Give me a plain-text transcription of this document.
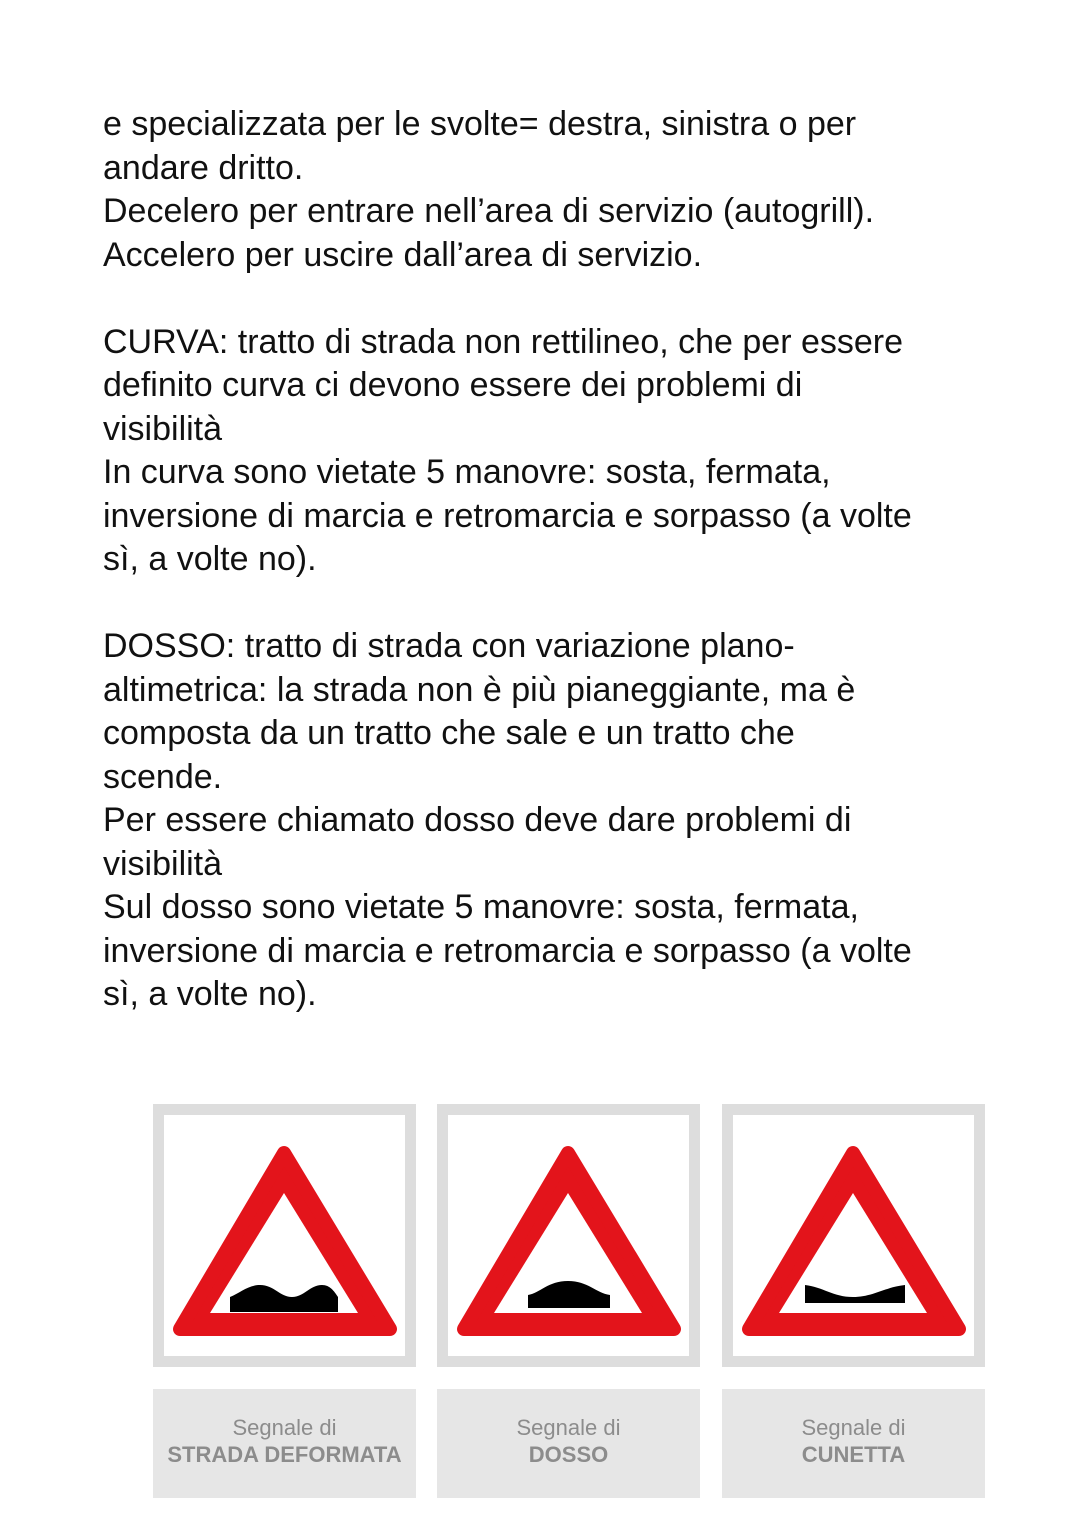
e specializzata per le svolte= destra, sinistra o per
andare dritto.
Decelero per entrare nell’area di servizio (autogrill).
Accelero per uscire dall’area di servizio.
CURVA: tratto di strada non rettilineo, che per essere
definito curva ci devono essere dei problemi di
visibilità
In curva sono vietate 5 manovre: sosta, fermata,
inversione di marcia e retromarcia e sorpasso (a volte
sì, a volte no).
DOSSO: tratto di strada con variazione plano-
altimetrica: la strada non è più pianeggiante, ma è
composta da un tratto che sale e un tratto che
scende.
Per essere chiamato dosso deve dare problemi di
visibilità
Sul dosso sono vietate 5 manovre: sosta, fermata,
inversione di marcia e retromarcia e sorpasso (a volte
sì, a volte no).
Segnale di
STRADA DEFORMATA
Segnale di
DOSSO
Segnale di
CUNETTA
